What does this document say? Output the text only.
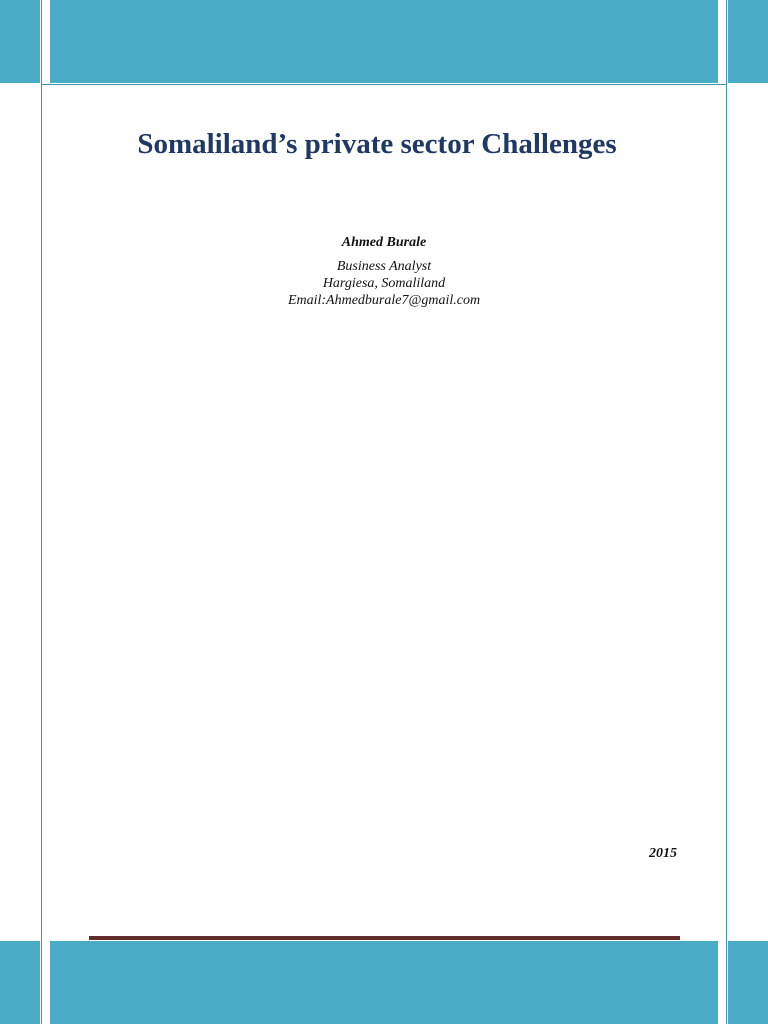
Somaliland’s private sector Challenges
Ahmed Burale
Business Analyst
Hargiesa, Somaliland
Email:Ahmedburale7@gmail.com
2015
